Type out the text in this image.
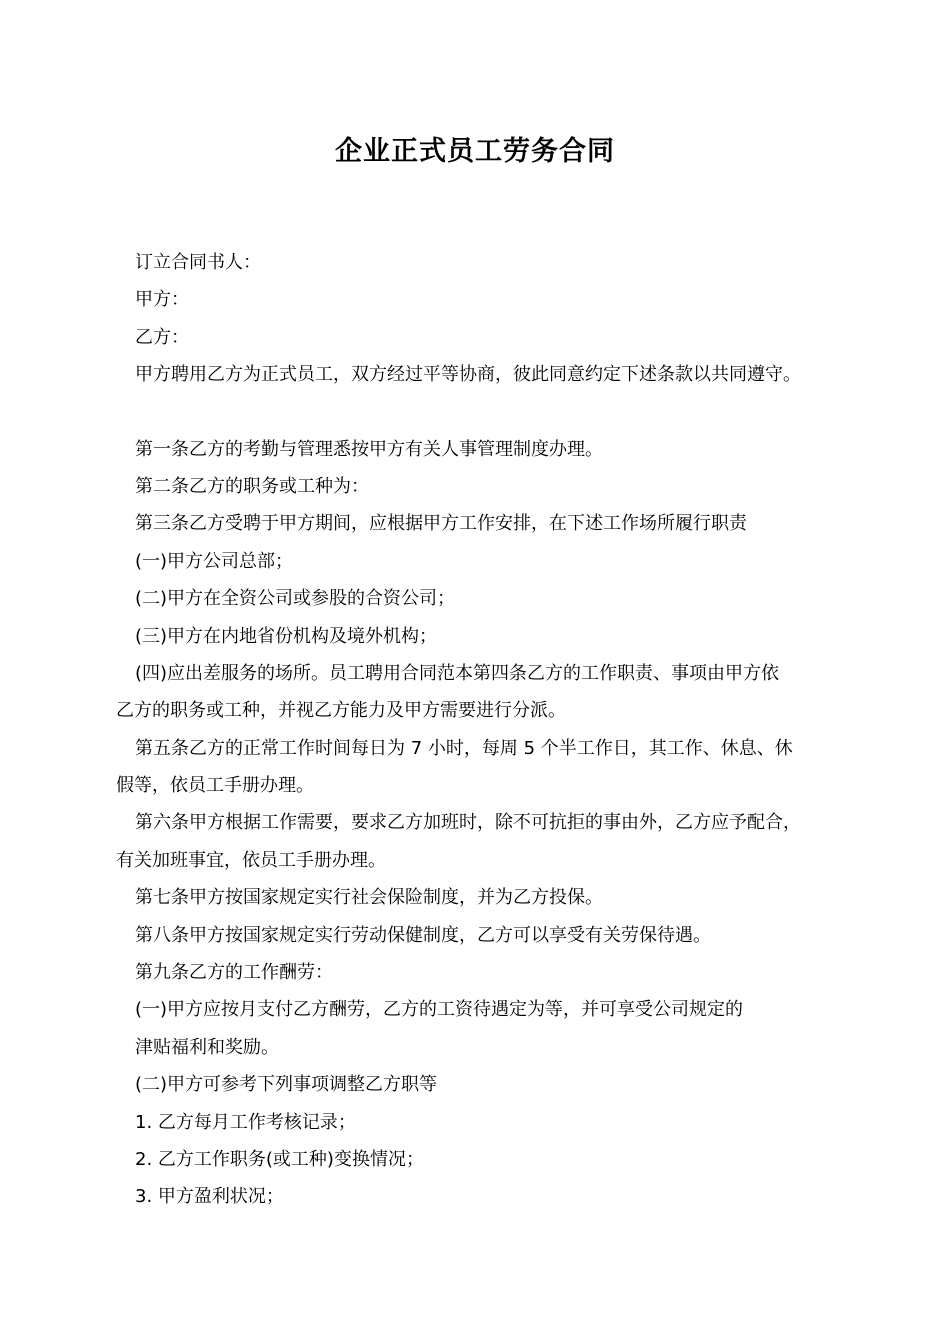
企业正式员工劳务合同
订立合同书人：
甲方：
乙方：
甲方聘用乙方为正式员工，双方经过平等协商，彼此同意约定下述条款以共同遵守。
第一条乙方的考勤与管理悉按甲方有关人事管理制度办理。
第二条乙方的职务或工种为：
第三条乙方受聘于甲方期间，应根据甲方工作安排，在下述工作场所履行职责
(一)甲方公司总部；
(二)甲方在全资公司或参股的合资公司；
(三)甲方在内地省份机构及境外机构；
(四)应出差服务的场所。员工聘用合同范本第四条乙方的工作职责、事项由甲方依
乙方的职务或工种，并视乙方能力及甲方需要进行分派。
第五条乙方的正常工作时间每日为 7 小时，每周 5 个半工作日，其工作、休息、休
假等，依员工手册办理。
第六条甲方根据工作需要，要求乙方加班时，除不可抗拒的事由外，乙方应予配合，
有关加班事宜，依员工手册办理。
第七条甲方按国家规定实行社会保险制度，并为乙方投保。
第八条甲方按国家规定实行劳动保健制度，乙方可以享受有关劳保待遇。
第九条乙方的工作酬劳：
(一)甲方应按月支付乙方酬劳，乙方的工资待遇定为等，并可享受公司规定的
津贴福利和奖励。
(二)甲方可参考下列事项调整乙方职等
1. 乙方每月工作考核记录；
2. 乙方工作职务(或工种)变换情况；
3. 甲方盈利状况；
